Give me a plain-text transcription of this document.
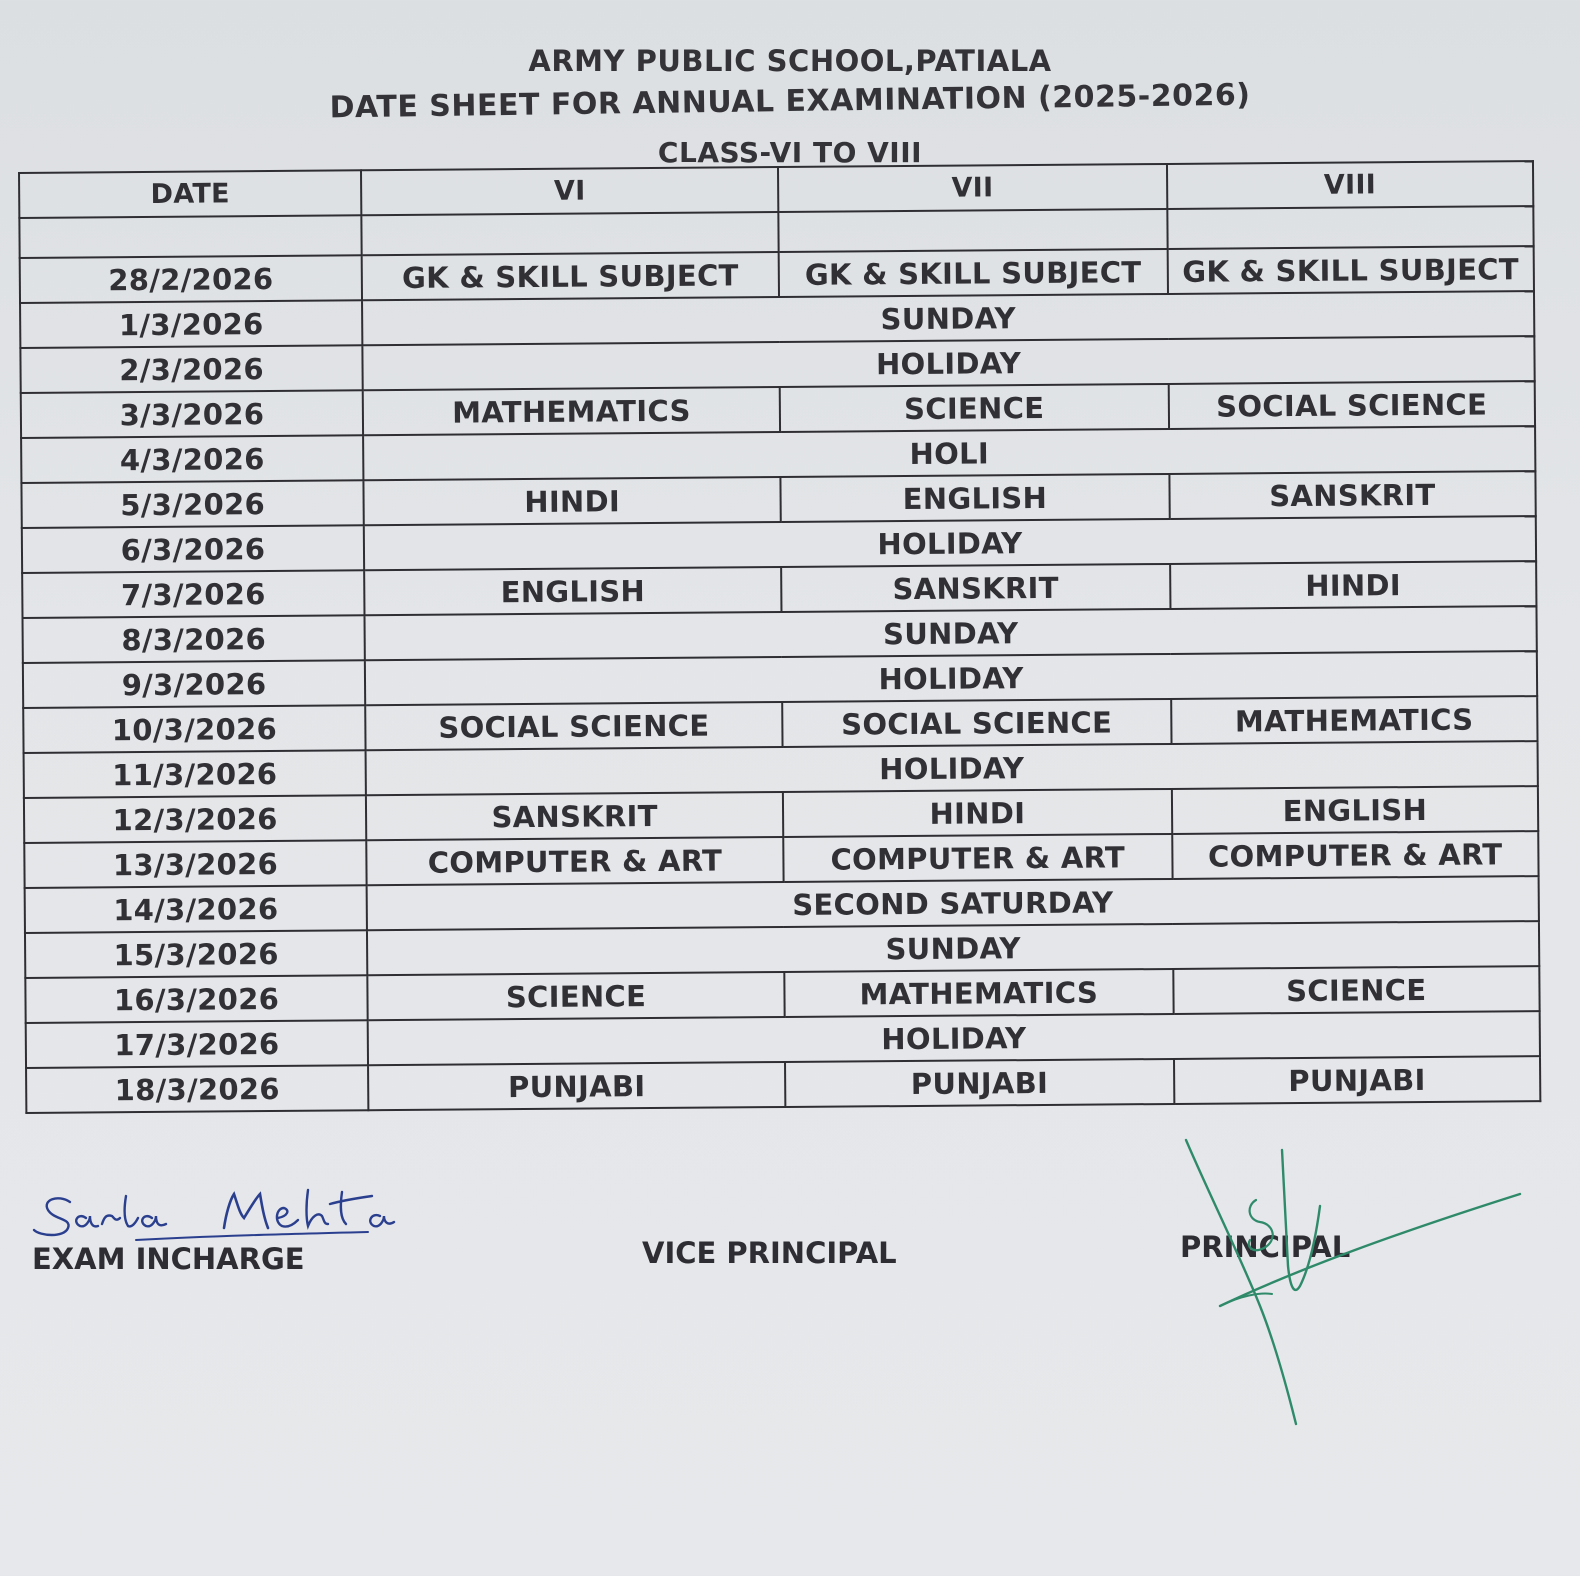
ARMY PUBLIC SCHOOL,PATIALA
DATE SHEET FOR ANNUAL EXAMINATION (2025-2026)
CLASS-VI TO VIII
DATE	VI	VII	VIII

28/2/2026	GK & SKILL SUBJECT	GK & SKILL SUBJECT	GK & SKILL SUBJECT
1/3/2026	SUNDAY		
2/3/2026	HOLIDAY		
3/3/2026	MATHEMATICS	SCIENCE	SOCIAL SCIENCE
4/3/2026	HOLI		
5/3/2026	HINDI	ENGLISH	SANSKRIT
6/3/2026	HOLIDAY		
7/3/2026	ENGLISH	SANSKRIT	HINDI
8/3/2026	SUNDAY		
9/3/2026	HOLIDAY		
10/3/2026	SOCIAL SCIENCE	SOCIAL SCIENCE	MATHEMATICS
11/3/2026	HOLIDAY		
12/3/2026	SANSKRIT	HINDI	ENGLISH
13/3/2026	COMPUTER & ART	COMPUTER & ART	COMPUTER & ART
14/3/2026	SECOND SATURDAY		
15/3/2026	SUNDAY		
16/3/2026	SCIENCE	MATHEMATICS	SCIENCE
17/3/2026	HOLIDAY		
18/3/2026	PUNJABI	PUNJABI	PUNJABI
EXAM INCHARGE	VICE PRINCIPAL	PRINCIPAL
